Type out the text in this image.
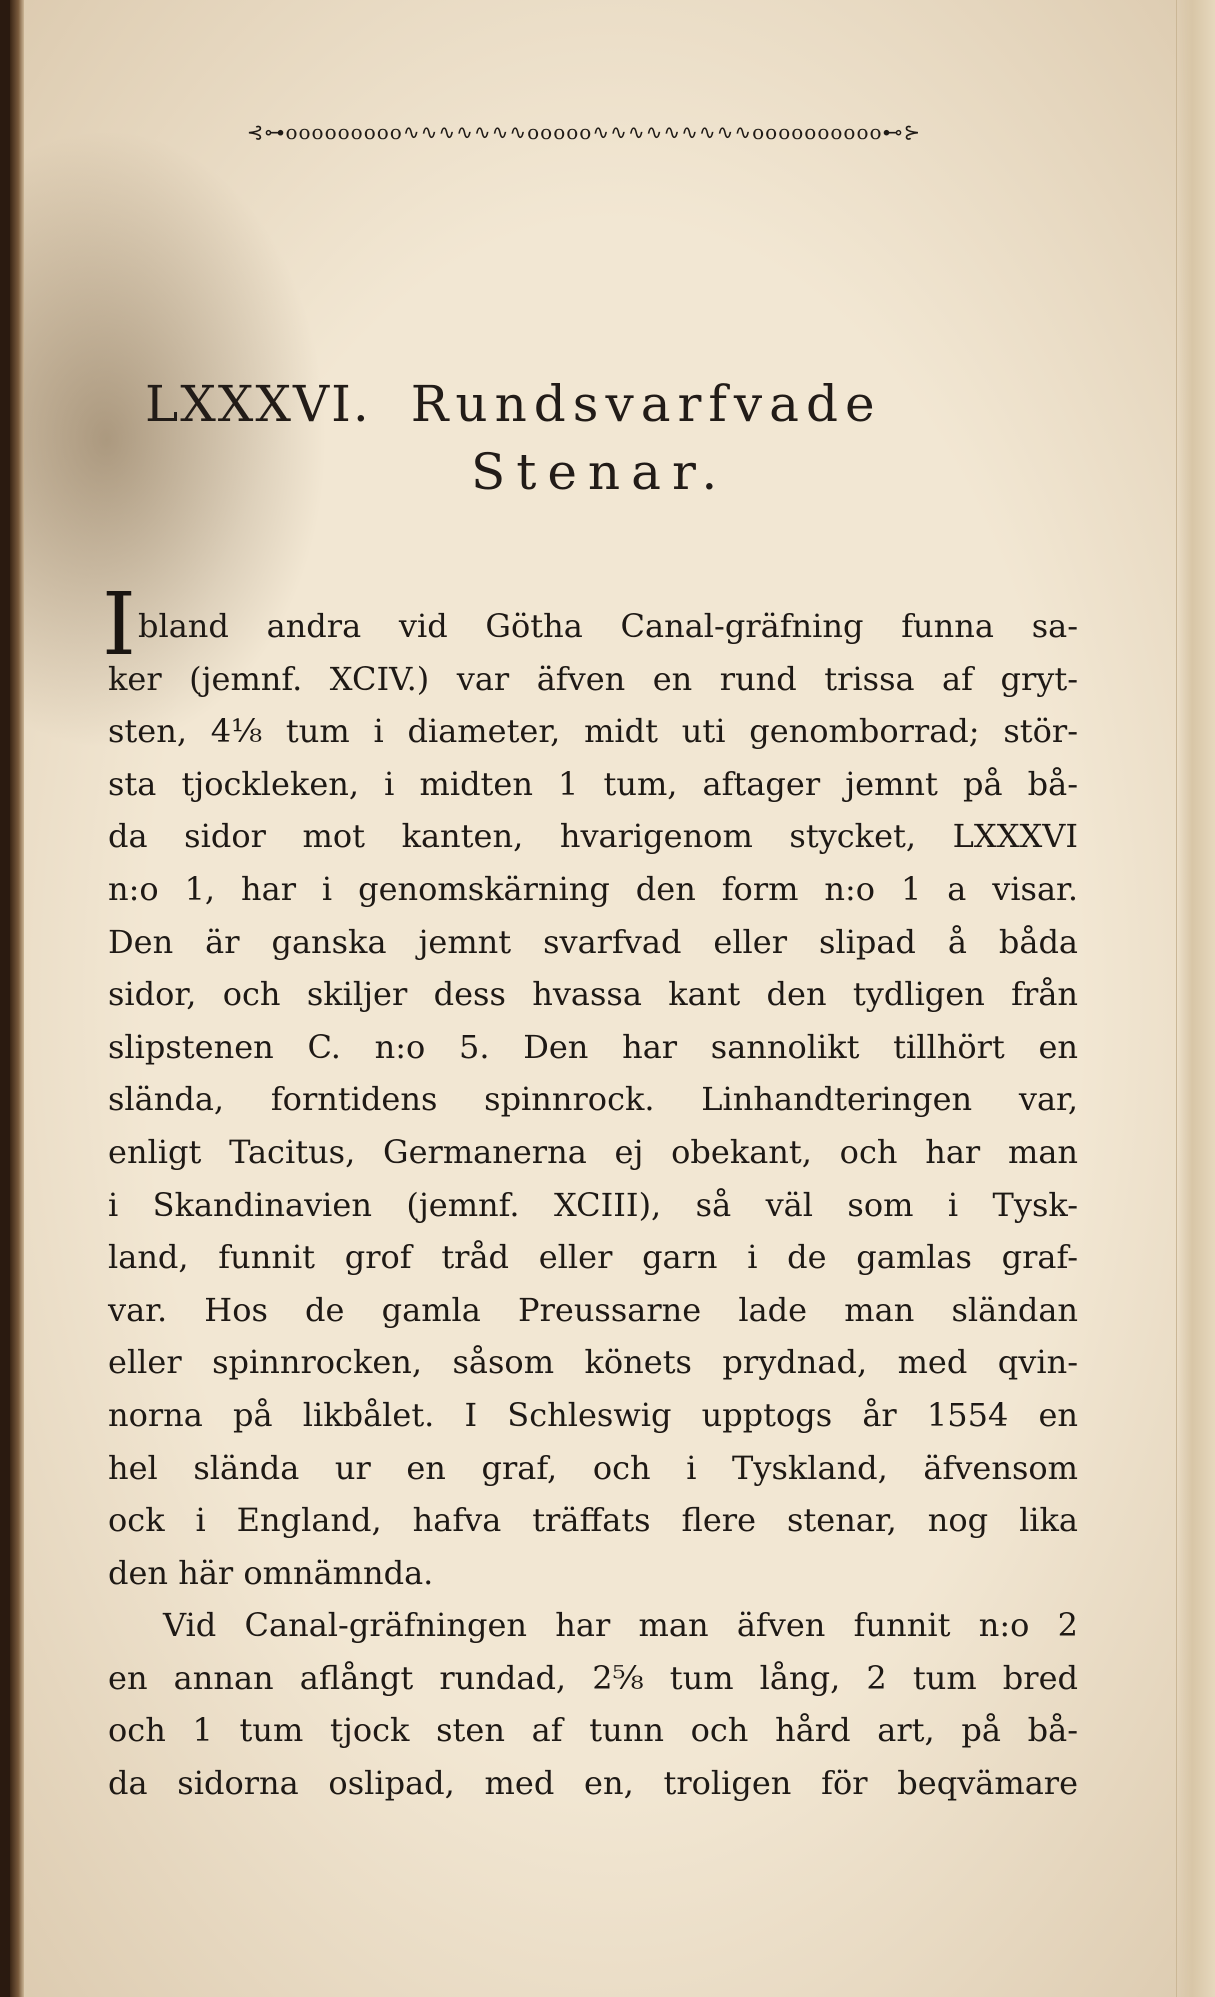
⊰⊶ooooooooo∿∿∿∿∿∿∿ooooo∿∿∿∿∿∿∿∿∿oooooooooo⊷⊱
LXXXVI. Rundsvarfvade
Stenar.
I bland andra vid Götha Canal-gräfning funna sa-
ker (jemnf. XCIV.) var äfven en rund trissa af gryt-
sten, 4⅛ tum i diameter, midt uti genomborrad; stör-
sta tjockleken, i midten 1 tum, aftager jemnt på bå-
da sidor mot kanten, hvarigenom stycket, LXXXVI
n:o 1, har i genomskärning den form n:o 1 a visar.
Den är ganska jemnt svarfvad eller slipad å båda
sidor, och skiljer dess hvassa kant den tydligen från
slipstenen C. n:o 5. Den har sannolikt tillhört en
slända, forntidens spinnrock. Linhandteringen var,
enligt Tacitus, Germanerna ej obekant, och har man
i Skandinavien (jemnf. XCIII), så väl som i Tysk-
land, funnit grof tråd eller garn i de gamlas graf-
var. Hos de gamla Preussarne lade man sländan
eller spinnrocken, såsom könets prydnad, med qvin-
norna på likbålet. I Schleswig upptogs år 1554 en
hel slända ur en graf, och i Tyskland, äfvensom
ock i England, hafva träffats flere stenar, nog lika
den här omnämnda.
Vid Canal-gräfningen har man äfven funnit n:o 2
en annan aflångt rundad, 2⅝ tum lång, 2 tum bred
och 1 tum tjock sten af tunn och hård art, på bå-
da sidorna oslipad, med en, troligen för beqvämare
